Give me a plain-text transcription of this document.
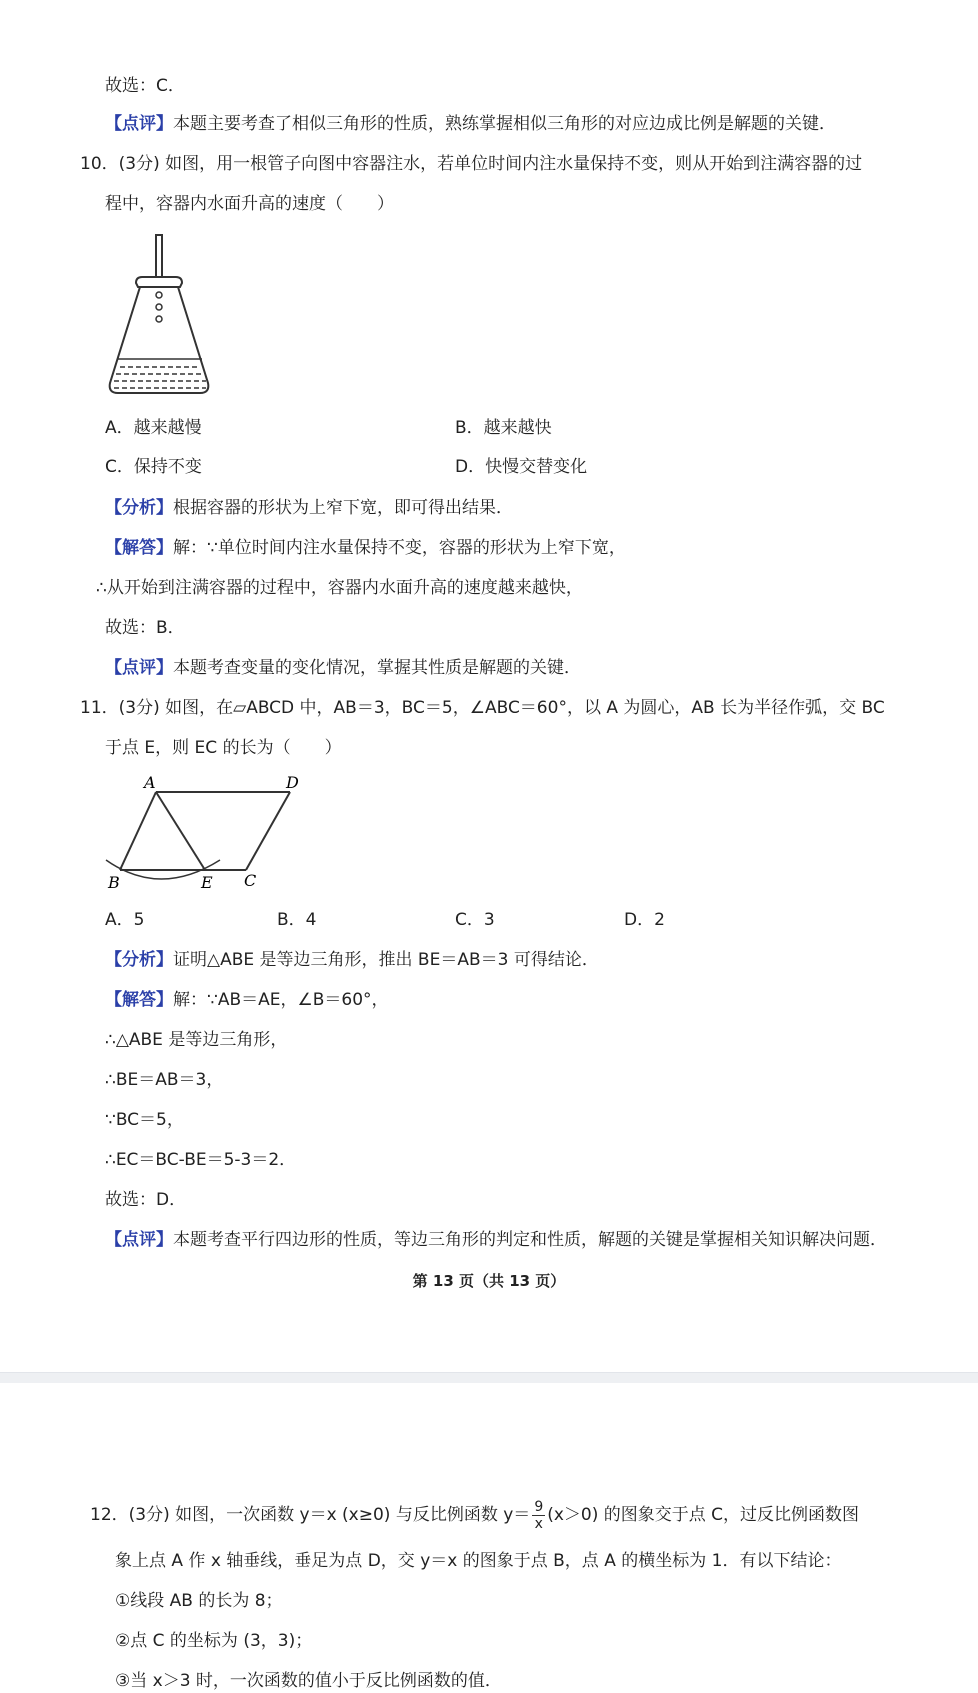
故选：C．
【点评】本题主要考查了相似三角形的性质，熟练掌握相似三角形的对应边成比例是解题的关键．
10．(3分) 如图，用一根管子向图中容器注水，若单位时间内注水量保持不变，则从开始到注满容器的过
程中，容器内水面升高的速度（　　）
A．越来越慢	B．越来越快
C．保持不变	D．快慢交替变化
【分析】根据容器的形状为上窄下宽，即可得出结果．
【解答】解：∵单位时间内注水量保持不变，容器的形状为上窄下宽，
∴从开始到注满容器的过程中，容器内水面升高的速度越来越快，
故选：B．
【点评】本题考查变量的变化情况，掌握其性质是解题的关键．
11．(3分) 如图，在▱ABCD 中，AB＝3，BC＝5，∠ABC＝60°，以 A 为圆心，AB 长为半径作弧，交 BC
于点 E，则 EC 的长为（　　）
A	D
B	E C
A．5	B．4	C．3	D．2
【分析】证明△ABE 是等边三角形，推出 BE＝AB＝3 可得结论．
【解答】解：∵AB＝AE，∠B＝60°，
∴△ABE 是等边三角形，
∴BE＝AB＝3，
∵BC＝5，
∴EC＝BC-BE＝5-3＝2．
故选：D．
【点评】本题考查平行四边形的性质，等边三角形的判定和性质，解题的关键是掌握相关知识解决问题．
第 13 页（共 13 页）
12．(3分) 如图，一次函数 y＝x (x≥0) 与反比例函数 $y= \frac{9}{x} (x>0)$ 的图象交于点 C，过反比例函数图
象上点 A 作 x 轴垂线，垂足为点 D，交 y＝x 的图象于点 B，点 A 的横坐标为 1．有以下结论：
①线段 AB 的长为 8；
②点 C 的坐标为 (3，3)；
③当 x＞3 时，一次函数的值小于反比例函数的值．
